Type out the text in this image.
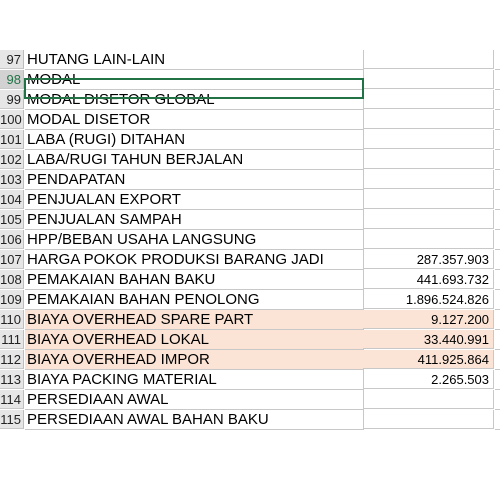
97 HUTANG LAIN-LAIN
98 MODAL
99 MODAL DISETOR GLOBAL
100 MODAL DISETOR
101 LABA (RUGI) DITAHAN
102 LABA/RUGI TAHUN BERJALAN
103 PENDAPATAN
104 PENJUALAN EXPORT
105 PENJUALAN SAMPAH
106 HPP/BEBAN USAHA LANGSUNG
107 HARGA POKOK PRODUKSI BARANG JADI	287.357.903
108 PEMAKAIAN BAHAN BAKU	441.693.732
109 PEMAKAIAN BAHAN PENOLONG	1.896.524.826
110 BIAYA OVERHEAD SPARE PART	9.127.200
111 BIAYA OVERHEAD LOKAL	33.440.991
112 BIAYA OVERHEAD IMPOR	411.925.864
113 BIAYA PACKING MATERIAL	2.265.503
114 PERSEDIAAN AWAL
115 PERSEDIAAN AWAL BAHAN BAKU
